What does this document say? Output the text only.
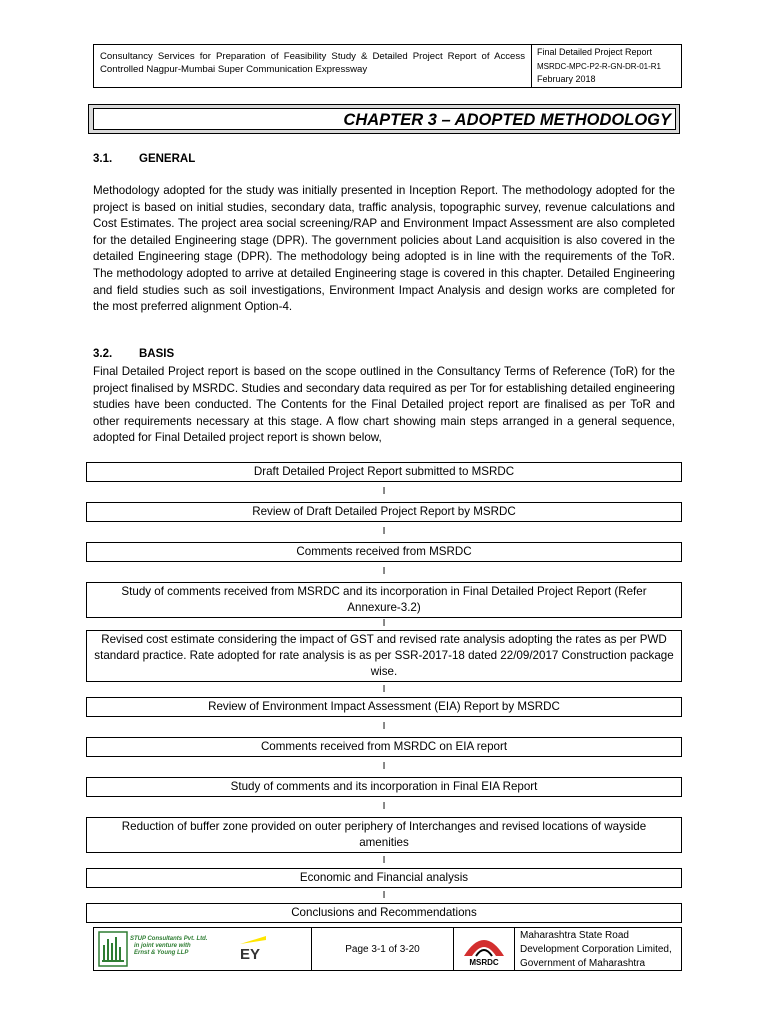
Consultancy Services for Preparation of Feasibility Study & Detailed Project Report of Access Controlled Nagpur-Mumbai Super Communication Expressway
Final Detailed Project Report
MSRDC-MPC-P2-R-GN-DR-01-R1
February 2018
CHAPTER 3 – ADOPTED METHODOLOGY
3.1. GENERAL
Methodology adopted for the study was initially presented in Inception Report. The methodology adopted for the project is based on initial studies, secondary data, traffic analysis, topographic survey, revenue calculations and Cost Estimates. The project area social screening/RAP and Environment Impact Assessment are also completed for the detailed Engineering stage (DPR). The government policies about Land acquisition is also covered in the detailed Engineering stage (DPR). The methodology being adopted is in line with the requirements of the ToR. The methodology adopted to arrive at detailed Engineering stage is covered in this chapter. Detailed Engineering and field studies such as soil investigations, Environment Impact Analysis and design works are completed for the most preferred alignment Option-4.
3.2. BASIS
Final Detailed Project report is based on the scope outlined in the Consultancy Terms of Reference (ToR) for the project finalised by MSRDC. Studies and secondary data required as per Tor for establishing detailed engineering studies have been conducted. The Contents for the Final Detailed project report are finalised as per ToR and other requirements necessary at this stage. A flow chart showing main steps arranged in a general sequence, adopted for Final Detailed project report is shown below,
Draft Detailed Project Report submitted to MSRDC
I
Review of Draft Detailed Project Report by MSRDC
I
Comments received from MSRDC
I
Study of comments received from MSRDC and its incorporation in Final Detailed Project Report (Refer Annexure-3.2)
I
Revised cost estimate considering the impact of GST and revised rate analysis adopting the rates as per PWD standard practice. Rate adopted for rate analysis is as per SSR-2017-18 dated 22/09/2017 Construction package wise.
I
Review of Environment Impact Assessment (EIA) Report by MSRDC
I
Comments received from MSRDC on EIA report
I
Study of comments and its incorporation in Final EIA Report
I
Reduction of buffer zone provided on outer periphery of Interchanges and revised locations of wayside amenities
I
Economic and Financial analysis
I
Conclusions and Recommendations
STUP Consultants Pvt. Ltd.
in joint venture with
Ernst & Young LLP	EY	Page 3-1 of 3-20
MSRDC
Maharashtra State Road
Development Corporation Limited,
Government of Maharashtra
